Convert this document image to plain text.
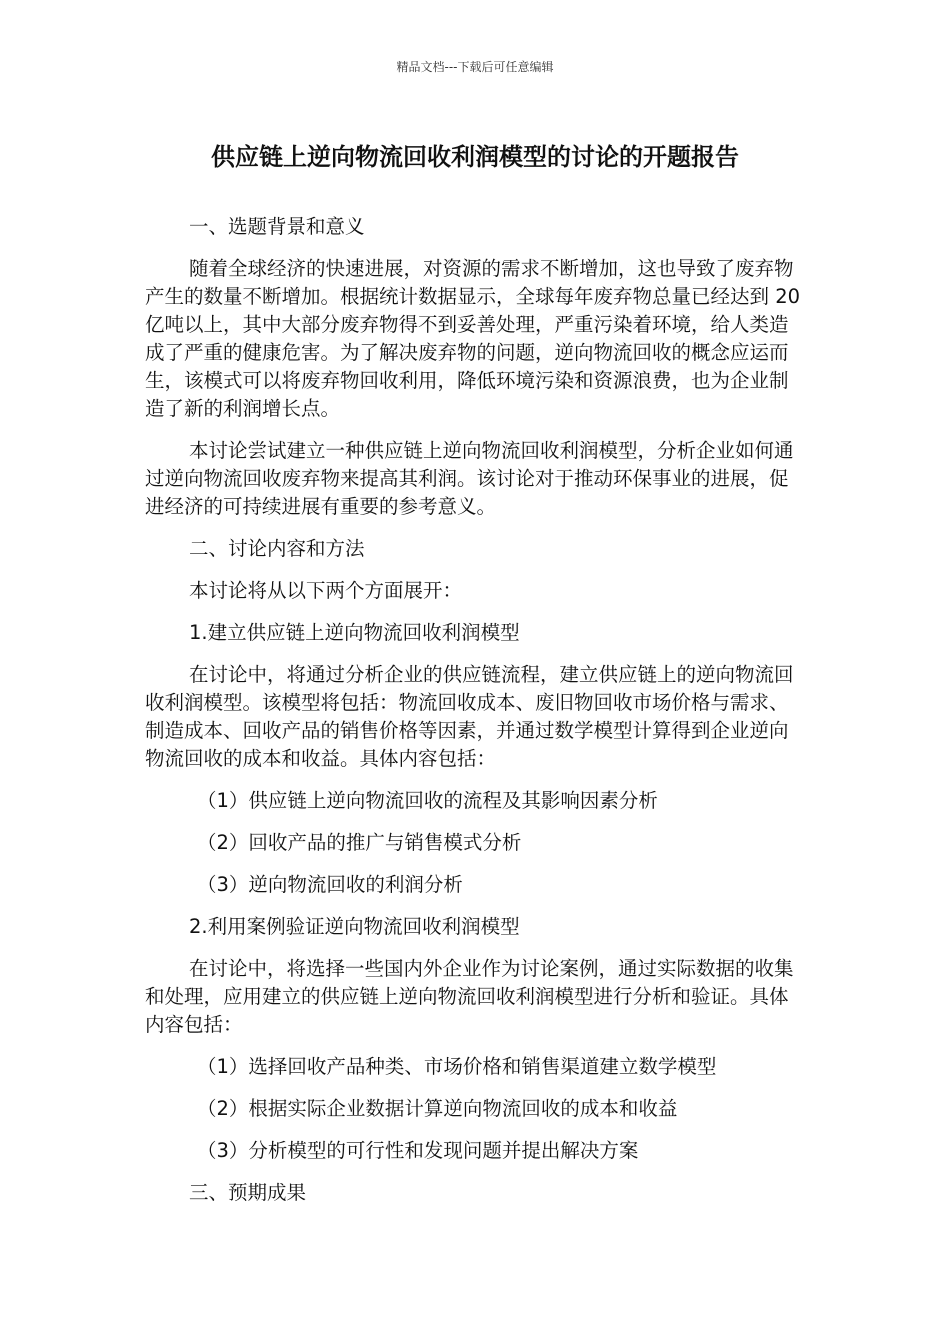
精品文档---下载后可任意编辑
供应链上逆向物流回收利润模型的讨论的开题报告

一、选题背景和意义

随着全球经济的快速进展，对资源的需求不断增加，这也导致了废弃物产生的数量不断增加。根据统计数据显示，全球每年废弃物总量已经达到 20 亿吨以上，其中大部分废弃物得不到妥善处理，严重污染着环境，给人类造成了严重的健康危害。为了解决废弃物的问题，逆向物流回收的概念应运而生，该模式可以将废弃物回收利用，降低环境污染和资源浪费，也为企业制造了新的利润增长点。

本讨论尝试建立一种供应链上逆向物流回收利润模型，分析企业如何通过逆向物流回收废弃物来提高其利润。该讨论对于推动环保事业的进展，促进经济的可持续进展有重要的参考意义。

二、讨论内容和方法

本讨论将从以下两个方面展开：

1.建立供应链上逆向物流回收利润模型

在讨论中，将通过分析企业的供应链流程，建立供应链上的逆向物流回收利润模型。该模型将包括：物流回收成本、废旧物回收市场价格与需求、制造成本、回收产品的销售价格等因素，并通过数学模型计算得到企业逆向物流回收的成本和收益。具体内容包括：

（1）供应链上逆向物流回收的流程及其影响因素分析

（2）回收产品的推广与销售模式分析

（3）逆向物流回收的利润分析

2.利用案例验证逆向物流回收利润模型

在讨论中，将选择一些国内外企业作为讨论案例，通过实际数据的收集和处理，应用建立的供应链上逆向物流回收利润模型进行分析和验证。具体内容包括：

（1）选择回收产品种类、市场价格和销售渠道建立数学模型

（2）根据实际企业数据计算逆向物流回收的成本和收益

（3）分析模型的可行性和发现问题并提出解决方案

三、预期成果
